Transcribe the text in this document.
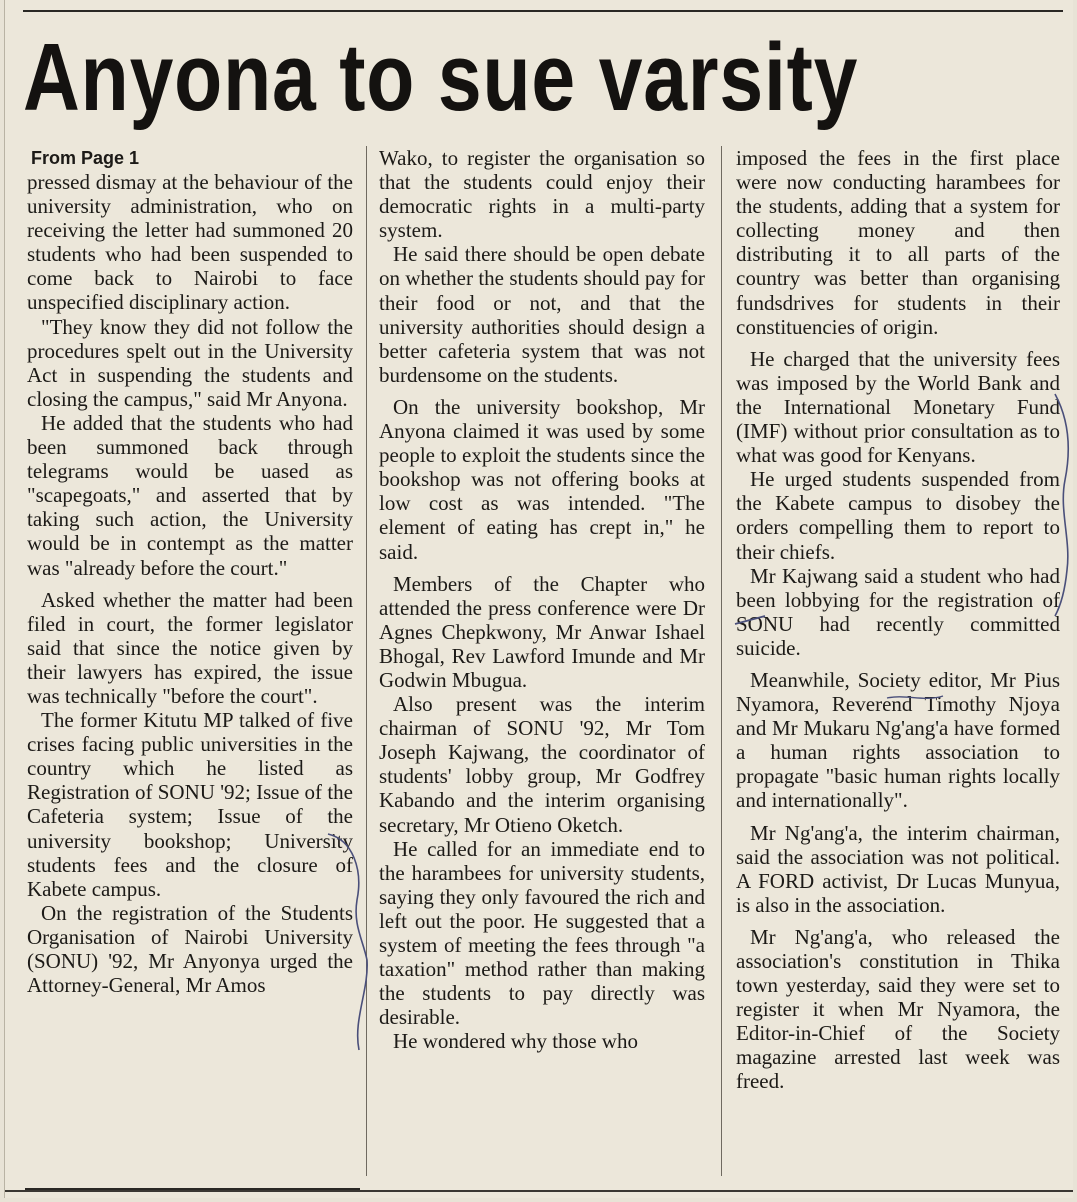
Anyona to sue varsity
From Page 1

pressed dismay at the behaviour of the university administration, who on receiving the letter had summoned 20 students who had been suspended to come back to Nairobi to face unspecified disciplinary action.

"They know they did not follow the procedures spelt out in the University Act in suspending the students and closing the campus," said Mr Anyona.

He added that the students who had been summoned back through telegrams would be uased as "scapegoats," and asserted that by taking such action, the University would be in contempt as the matter was "already before the court."

Asked whether the matter had been filed in court, the former legislator said that since the notice given by their lawyers has expired, the issue was technically "before the court".

The former Kitutu MP talked of five crises facing public universities in the country which he listed as Registration of SONU '92; Issue of the Cafeteria system; Issue of the university bookshop; University students fees and the closure of Kabete campus.

On the registration of the Students Organisation of Nairobi University (SONU) '92, Mr Anyonya urged the Attorney-General, Mr Amos

Wako, to register the organisation so that the students could enjoy their democratic rights in a multi-party system.

He said there should be open debate on whether the students should pay for their food or not, and that the university authorities should design a better cafeteria system that was not burdensome on the students.

On the university bookshop, Mr Anyona claimed it was used by some people to exploit the students since the bookshop was not offering books at low cost as was intended. "The element of eating has crept in," he said.

Members of the Chapter who attended the press conference were Dr Agnes Chepkwony, Mr Anwar Ishael Bhogal, Rev Lawford Imunde and Mr Godwin Mbugua.

Also present was the interim chairman of SONU '92, Mr Tom Joseph Kajwang, the coordinator of students' lobby group, Mr Godfrey Kabando and the interim organising secretary, Mr Otieno Oketch.

He called for an immediate end to the harambees for university students, saying they only favoured the rich and left out the poor. He suggested that a system of meeting the fees through "a taxation" method rather than making the students to pay directly was desirable.

He wondered why those who

imposed the fees in the first place were now conducting harambees for the students, adding that a system for collecting money and then distributing it to all parts of the country was better than organising fundsdrives for students in their constituencies of origin.

He charged that the university fees was imposed by the World Bank and the International Monetary Fund (IMF) without prior consultation as to what was good for Kenyans.

He urged students suspended from the Kabete campus to disobey the orders compelling them to report to their chiefs.

Mr Kajwang said a student who had been lobbying for the registration of SONU had recently committed suicide.

Meanwhile, Society editor, Mr Pius Nyamora, Reverend Timothy Njoya and Mr Mukaru Ng'ang'a have formed a human rights association to propagate "basic human rights locally and internationally".

Mr Ng'ang'a, the interim chairman, said the association was not political. A FORD activist, Dr Lucas Munyua, is also in the association.

Mr Ng'ang'a, who released the association's constitution in Thika town yesterday, said they were set to register it when Mr Nyamora, the Editor-in-Chief of the Society magazine arrested last week was freed.
